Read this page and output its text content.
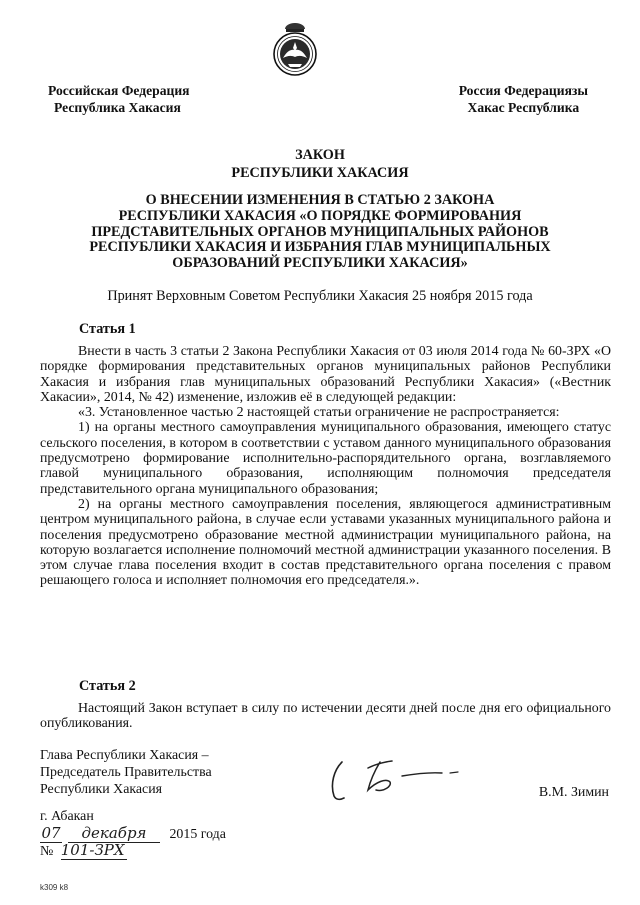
Российская Федерация
Республика Хакасия
Россия Федерациязы
Хакас Республика
ЗАКОН
РЕСПУБЛИКИ ХАКАСИЯ
О ВНЕСЕНИИ ИЗМЕНЕНИЯ В СТАТЬЮ 2 ЗАКОНА
РЕСПУБЛИКИ ХАКАСИЯ «О ПОРЯДКЕ ФОРМИРОВАНИЯ
ПРЕДСТАВИТЕЛЬНЫХ ОРГАНОВ МУНИЦИПАЛЬНЫХ РАЙОНОВ
РЕСПУБЛИКИ ХАКАСИЯ И ИЗБРАНИЯ ГЛАВ МУНИЦИПАЛЬНЫХ
ОБРАЗОВАНИЙ РЕСПУБЛИКИ ХАКАСИЯ»
Принят Верховным Советом Республики Хакасия 25 ноября 2015 года
Статья 1

Внести в часть 3 статьи 2 Закона Республики Хакасия от 03 июля 2014 года № 60-ЗРХ «О порядке формирования представительных органов муниципальных районов Республики Хакасия и избрания глав муниципальных образований Республики Хакасия» («Вестник Хакасии», 2014, № 42) изменение, изложив её в следующей редакции:

«3. Установленное частью 2 настоящей статьи ограничение не распространяется:

1) на органы местного самоуправления муниципального образования, имеющего статус сельского поселения, в котором в соответствии с уставом данного муниципального образования предусмотрено формирование исполнительно-распорядительного органа, возглавляемого главой муниципального образования, исполняющим полномочия председателя представительного органа муниципального образования;

2) на органы местного самоуправления поселения, являющегося административным центром муниципального района, в случае если уставами указанных муниципального района и поселения предусмотрено образование местной администрации муниципального района, на которую возлагается исполнение полномочий местной администрации указанного поселения. В этом случае глава поселения входит в состав представительного органа поселения с правом решающего голоса и исполняет полномочия его председателя.».

Статья 2

Настоящий Закон вступает в силу по истечении десяти дней после дня его официального опубликования.

Глава Республики Хакасия –
Председатель Правительства
Республики Хакасия	В.М. Зимин
г. Абакан
07 декабря 2015 года
№ 101-ЗРХ
k309 k8
